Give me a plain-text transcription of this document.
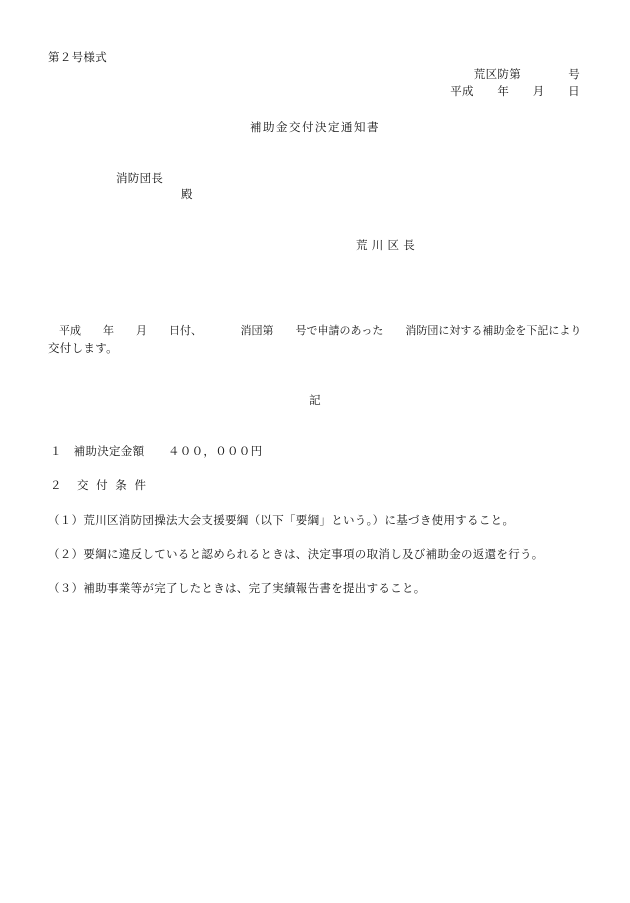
第２号様式
荒区防第　　　　号
平成　　年　　月　　日
補助金交付決定通知書
消防団長
殿
荒 川 区 長
平成　　年　　月　　日付、　　　　消団第　　号で申請のあった　　消防団に対する補助金を下記により
交付します。
記
１　補助決定金額　　４００，０００円
２　交 付 条 件
（１）荒川区消防団操法大会支援要綱（以下「要綱」という。）に基づき使用すること。
（２）要綱に違反していると認められるときは、決定事項の取消し及び補助金の返還を行う。
（３）補助事業等が完了したときは、完了実績報告書を提出すること。
